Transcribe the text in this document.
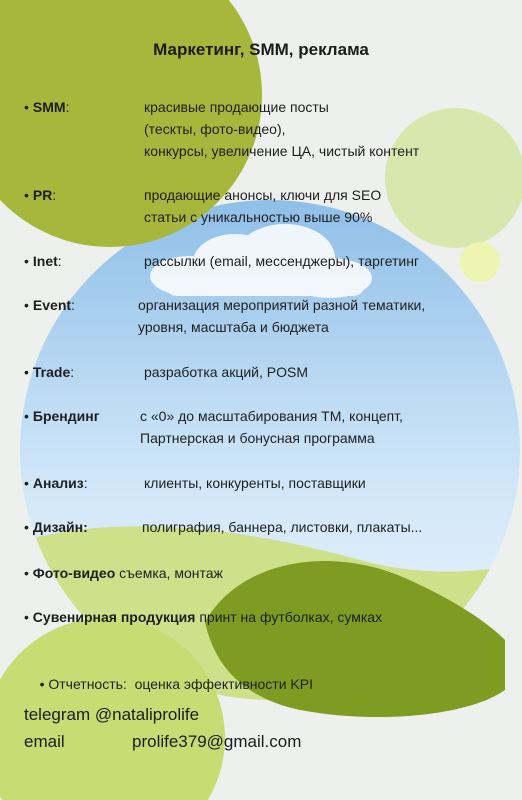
Маркетинг, SMM, реклама
• SMM:	красивые продающие посты
(тескты, фото-видео),
конкурсы, увеличение ЦА, чистый контент
• PR:	продающие анонсы, ключи для SEO
статьи с уникальностью выше 90%
• Inet:	рассылки (email, мессенджеры), таргетинг
• Event:	организация мероприятий разной тематики,
уровня, масштаба и бюджета
• Trade:	разработка акций, POSM
• Брендинг	с «0» до масштабирования ТМ, концепт,
Партнерская и бонусная программа
• Анализ:	клиенты, конкуренты, поставщики
• Дизайн:	полиграфия, баннера, листовки, плакаты...
• Фото-видео съемка, монтаж
• Сувенирная продукция принт на футболках, сумках

• Отчетность:  оценка эффективности KPI

telegram @nataliprolife
email	prolife379@gmail.com
